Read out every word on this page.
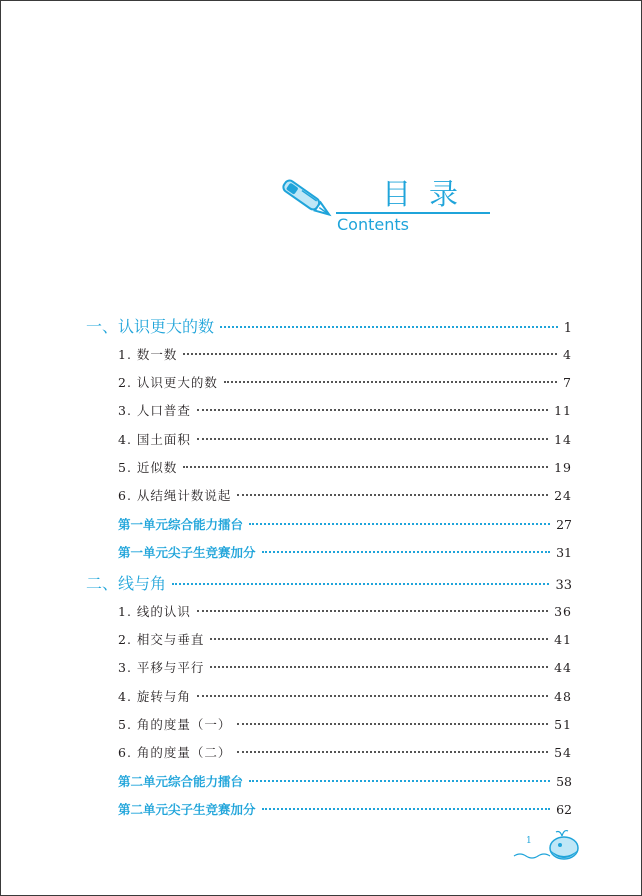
目录
Contents
一、认识更大的数	1
1. 数一数	4
2. 认识更大的数	7
3. 人口普查	11
4. 国土面积	14
5. 近似数	19
6. 从结绳计数说起	24
第一单元综合能力擂台	27
第一单元尖子生竞赛加分	31
二、线与角	33
1. 线的认识	36
2. 相交与垂直	41
3. 平移与平行	44
4. 旋转与角	48
5. 角的度量（一）	51
6. 角的度量（二）	54
第二单元综合能力擂台	58
第二单元尖子生竞赛加分	62
1
